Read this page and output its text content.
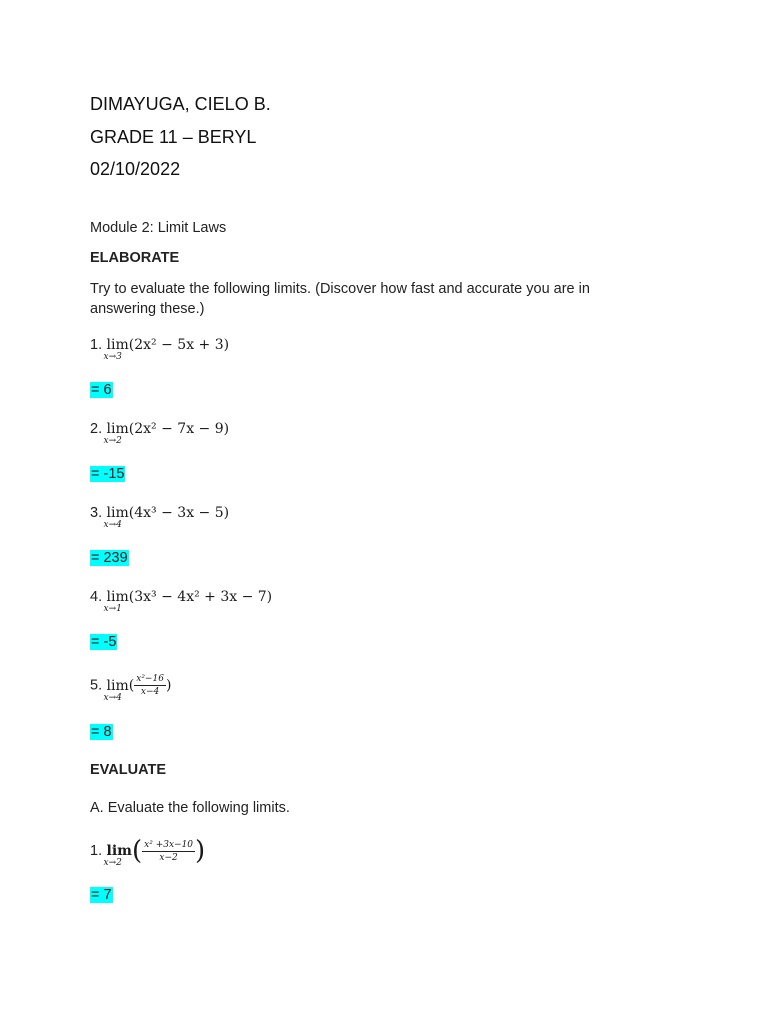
DIMAYUGA, CIELO B.
GRADE 11 – BERYL
02/10/2022
Module 2: Limit Laws
ELABORATE
Try to evaluate the following limits. (Discover how fast and accurate you are in answering these.)
1. lim
x→3
(2x² − 5x + 3)
= 6
2. lim
x→2
(2x² − 7x − 9)
= -15
3. lim
x→4
(4x³ − 3x − 5)
= 239
4. lim
x→1
(3x³ − 4x² + 3x − 7)
= -5
5. lim
x→4
( $\frac{\text{x²−16}}{x-4}$ )
= 8
EVALUATE
A. Evaluate the following limits.
1. lim
x→2 ( $\frac{\text{x² +3x−10}}{x-2}$ )
= 7
